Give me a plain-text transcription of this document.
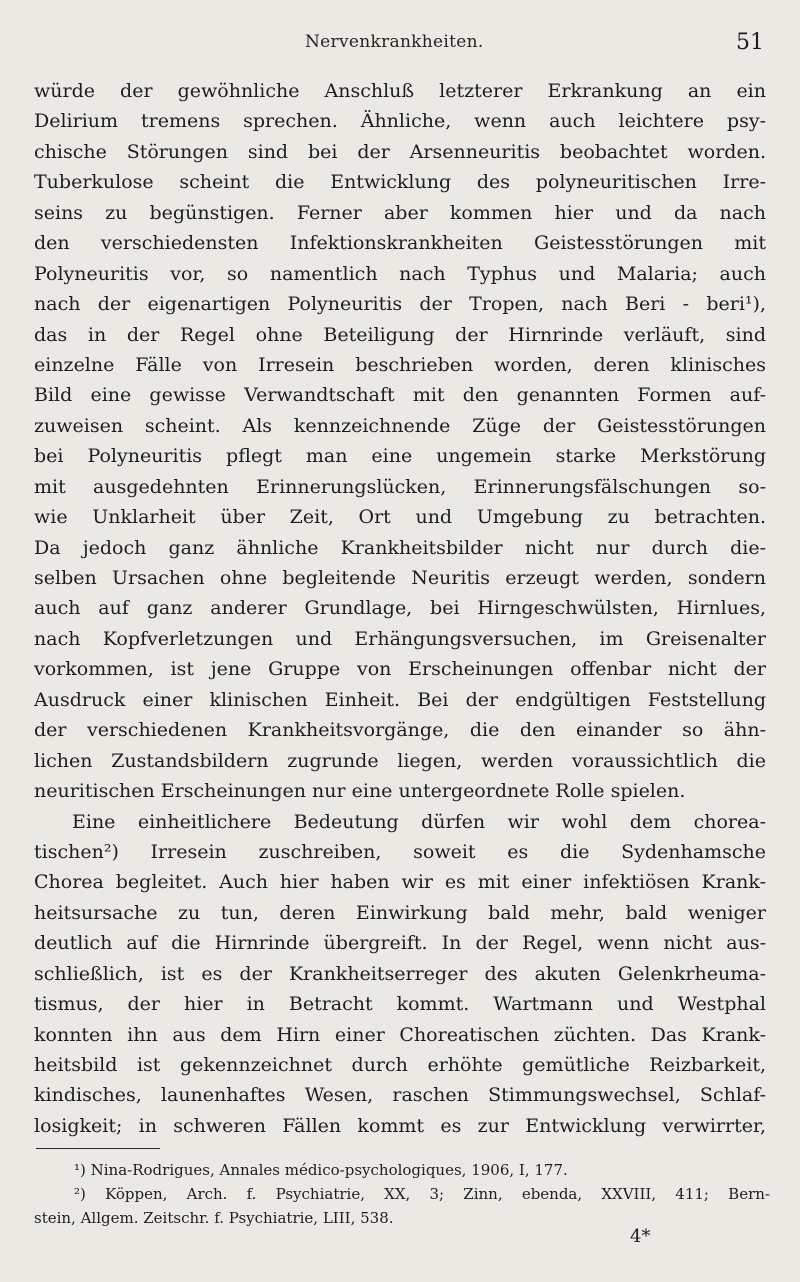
Nervenkrankheiten.	51
würde der gewöhnliche Anschluß letzterer Erkrankung an ein
Delirium tremens sprechen. Ähnliche, wenn auch leichtere psy-
chische Störungen sind bei der Arsenneuritis beobachtet worden.
Tuberkulose scheint die Entwicklung des polyneuritischen Irre-
seins zu begünstigen. Ferner aber kommen hier und da nach
den verschiedensten Infektionskrankheiten Geistesstörungen mit
Polyneuritis vor, so namentlich nach Typhus und Malaria; auch
nach der eigenartigen Polyneuritis der Tropen, nach Beri - beri¹),
das in der Regel ohne Beteiligung der Hirnrinde verläuft, sind
einzelne Fälle von Irresein beschrieben worden, deren klinisches
Bild eine gewisse Verwandtschaft mit den genannten Formen auf-
zuweisen scheint. Als kennzeichnende Züge der Geistesstörungen
bei Polyneuritis pflegt man eine ungemein starke Merkstörung
mit ausgedehnten Erinnerungslücken, Erinnerungsfälschungen so-
wie Unklarheit über Zeit, Ort und Umgebung zu betrachten.
Da jedoch ganz ähnliche Krankheitsbilder nicht nur durch die-
selben Ursachen ohne begleitende Neuritis erzeugt werden, sondern
auch auf ganz anderer Grundlage, bei Hirngeschwülsten, Hirnlues,
nach Kopfverletzungen und Erhängungsversuchen, im Greisenalter
vorkommen, ist jene Gruppe von Erscheinungen offenbar nicht der
Ausdruck einer klinischen Einheit. Bei der endgültigen Feststellung
der verschiedenen Krankheitsvorgänge, die den einander so ähn-
lichen Zustandsbildern zugrunde liegen, werden voraussichtlich die
neuritischen Erscheinungen nur eine untergeordnete Rolle spielen.
Eine einheitlichere Bedeutung dürfen wir wohl dem chorea-
tischen²) Irresein zuschreiben, soweit es die Sydenhamsche
Chorea begleitet. Auch hier haben wir es mit einer infektiösen Krank-
heitsursache zu tun, deren Einwirkung bald mehr, bald weniger
deutlich auf die Hirnrinde übergreift. In der Regel, wenn nicht aus-
schließlich, ist es der Krankheitserreger des akuten Gelenkrheuma-
tismus, der hier in Betracht kommt. Wartmann und Westphal
konnten ihn aus dem Hirn einer Choreatischen züchten. Das Krank-
heitsbild ist gekennzeichnet durch erhöhte gemütliche Reizbarkeit,
kindisches, launenhaftes Wesen, raschen Stimmungswechsel, Schlaf-
losigkeit; in schweren Fällen kommt es zur Entwicklung verwirrter,
¹) Nina-Rodrigues, Annales médico-psychologiques, 1906, I, 177.
²) Köppen, Arch. f. Psychiatrie, XX, 3; Zinn, ebenda, XXVIII, 411; Bern-
stein, Allgem. Zeitschr. f. Psychiatrie, LIII, 538.
4*
